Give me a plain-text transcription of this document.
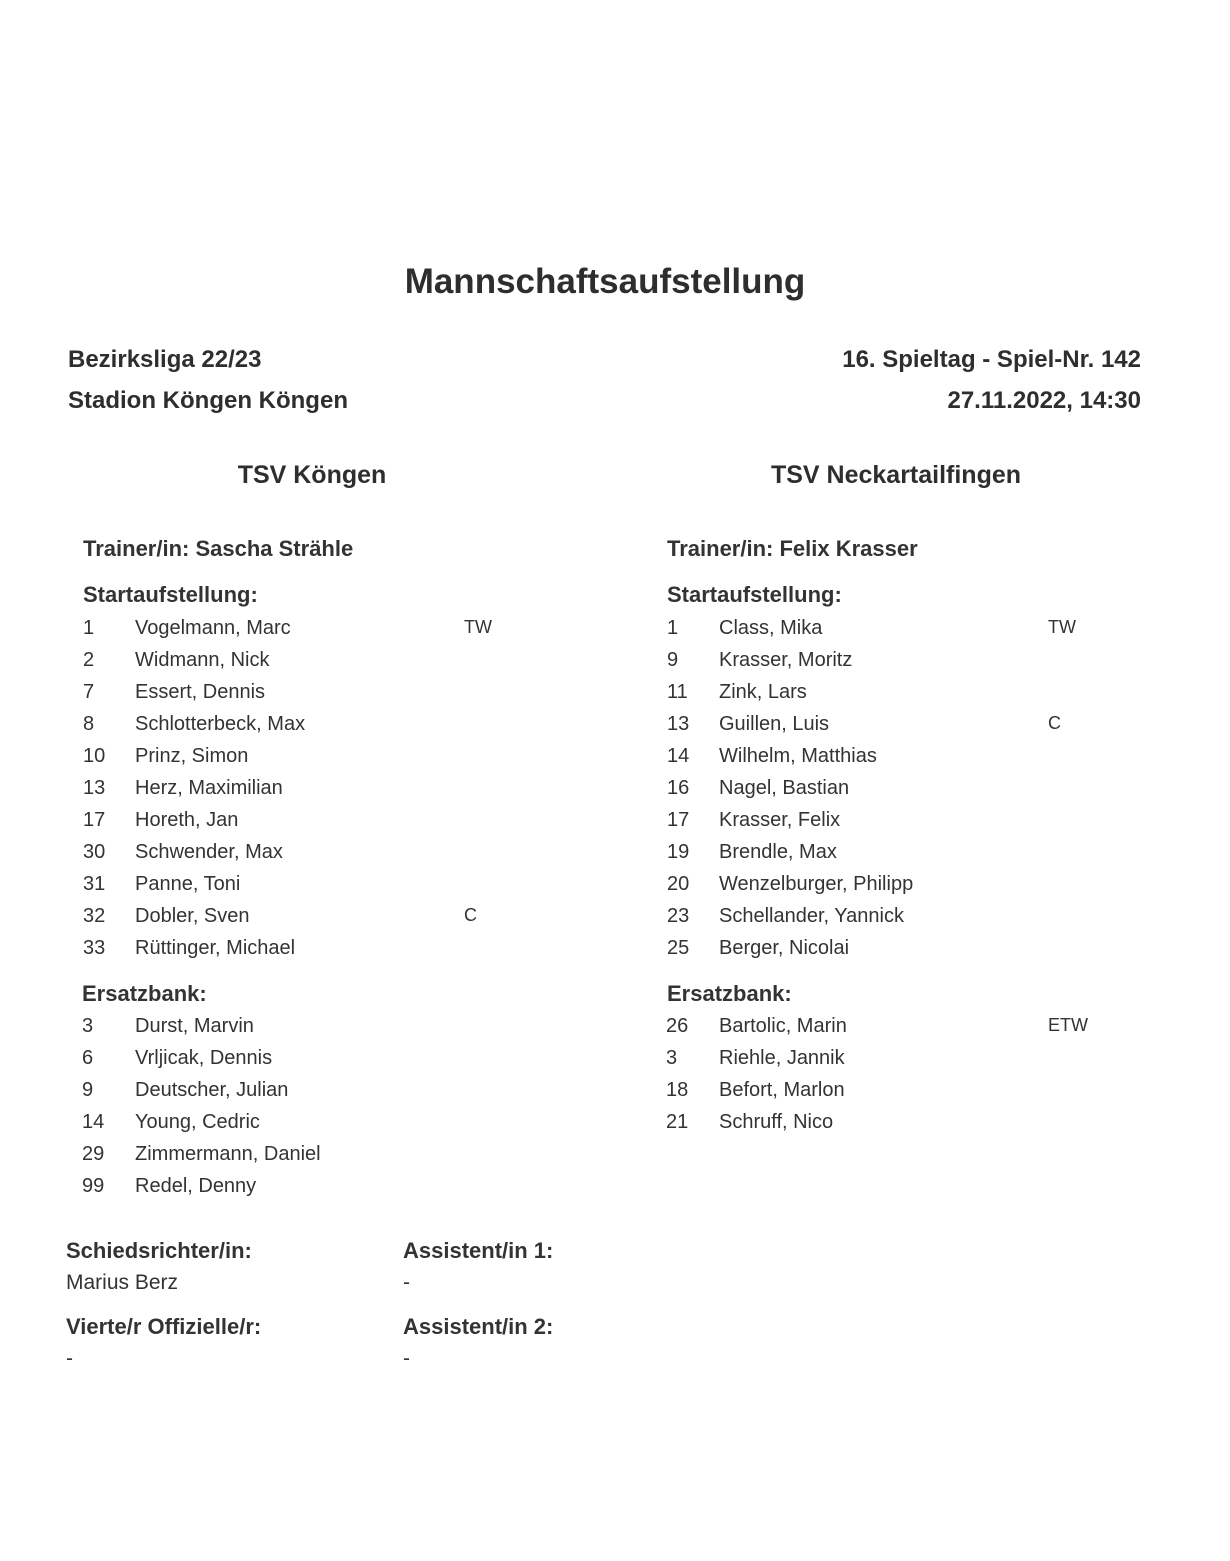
Mannschaftsaufstellung
Bezirksliga 22/23
Stadion Köngen Köngen
16. Spieltag - Spiel-Nr. 142
27.11.2022, 14:30
TSV Köngen	TSV Neckartailfingen
Trainer/in: Sascha Strähle	Trainer/in: Felix Krasser
Startaufstellung:	Startaufstellung:
1 Vogelmann, Marc	TW
2 Widmann, Nick
7 Essert, Dennis
8 Schlotterbeck, Max
10 Prinz, Simon
13 Herz, Maximilian
17 Horeth, Jan
30 Schwender, Max
31 Panne, Toni
32 Dobler, Sven	C
33 Rüttinger, Michael
1 Class, Mika	TW
9 Krasser, Moritz
11 Zink, Lars
13 Guillen, Luis	C
14 Wilhelm, Matthias
16 Nagel, Bastian
17 Krasser, Felix
19 Brendle, Max
20 Wenzelburger, Philipp
23 Schellander, Yannick
25 Berger, Nicolai
Ersatzbank:	Ersatzbank:
3 Durst, Marvin
6 Vrljicak, Dennis
9 Deutscher, Julian
14 Young, Cedric
29 Zimmermann, Daniel
99 Redel, Denny
26 Bartolic, Marin	ETW
3 Riehle, Jannik
18 Befort, Marlon
21 Schruff, Nico
Schiedsrichter/in:
Marius Berz
Vierte/r Offizielle/r:
-
Assistent/in 1:
-
Assistent/in 2:
-
